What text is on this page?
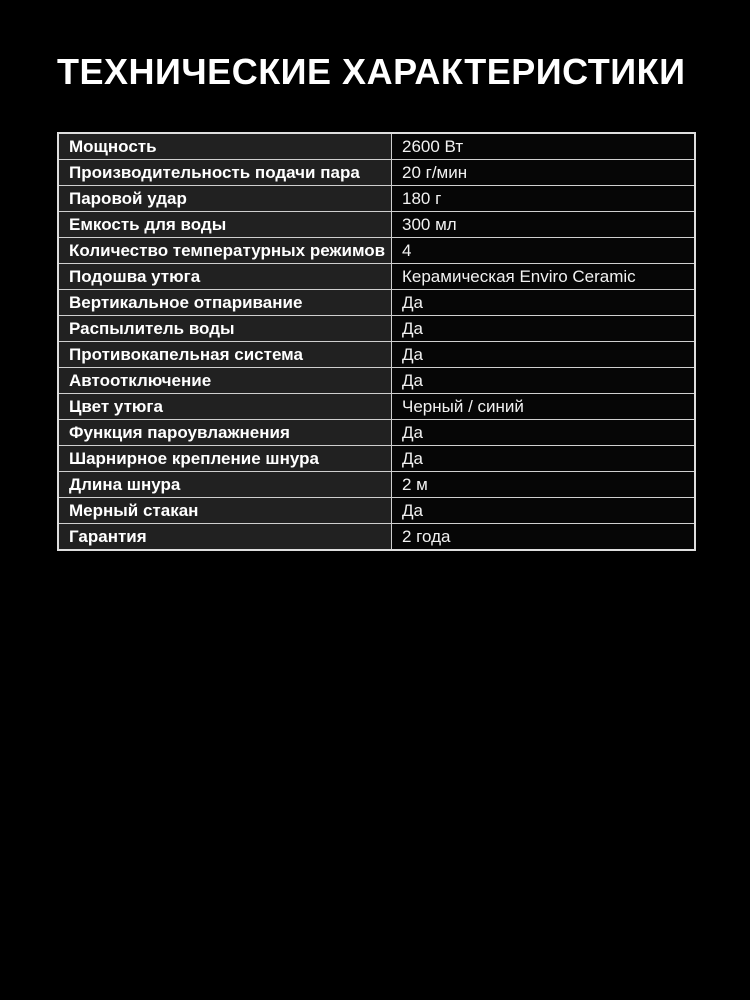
ТЕХНИЧЕСКИЕ ХАРАКТЕРИСТИКИ
Мощность	2600 Вт
Производительность подачи пара	20 г/мин
Паровой удар	180 г
Емкость для воды	300 мл
Количество температурных режимов	4
Подошва утюга	Керамическая Enviro Ceramic
Вертикальное отпаривание	Да
Распылитель воды	Да
Противокапельная система	Да
Автоотключение	Да
Цвет утюга	Черный / синий
Функция пароувлажнения	Да
Шарнирное крепление шнура	Да
Длина шнура	2 м
Мерный стакан	Да
Гарантия	2 года
